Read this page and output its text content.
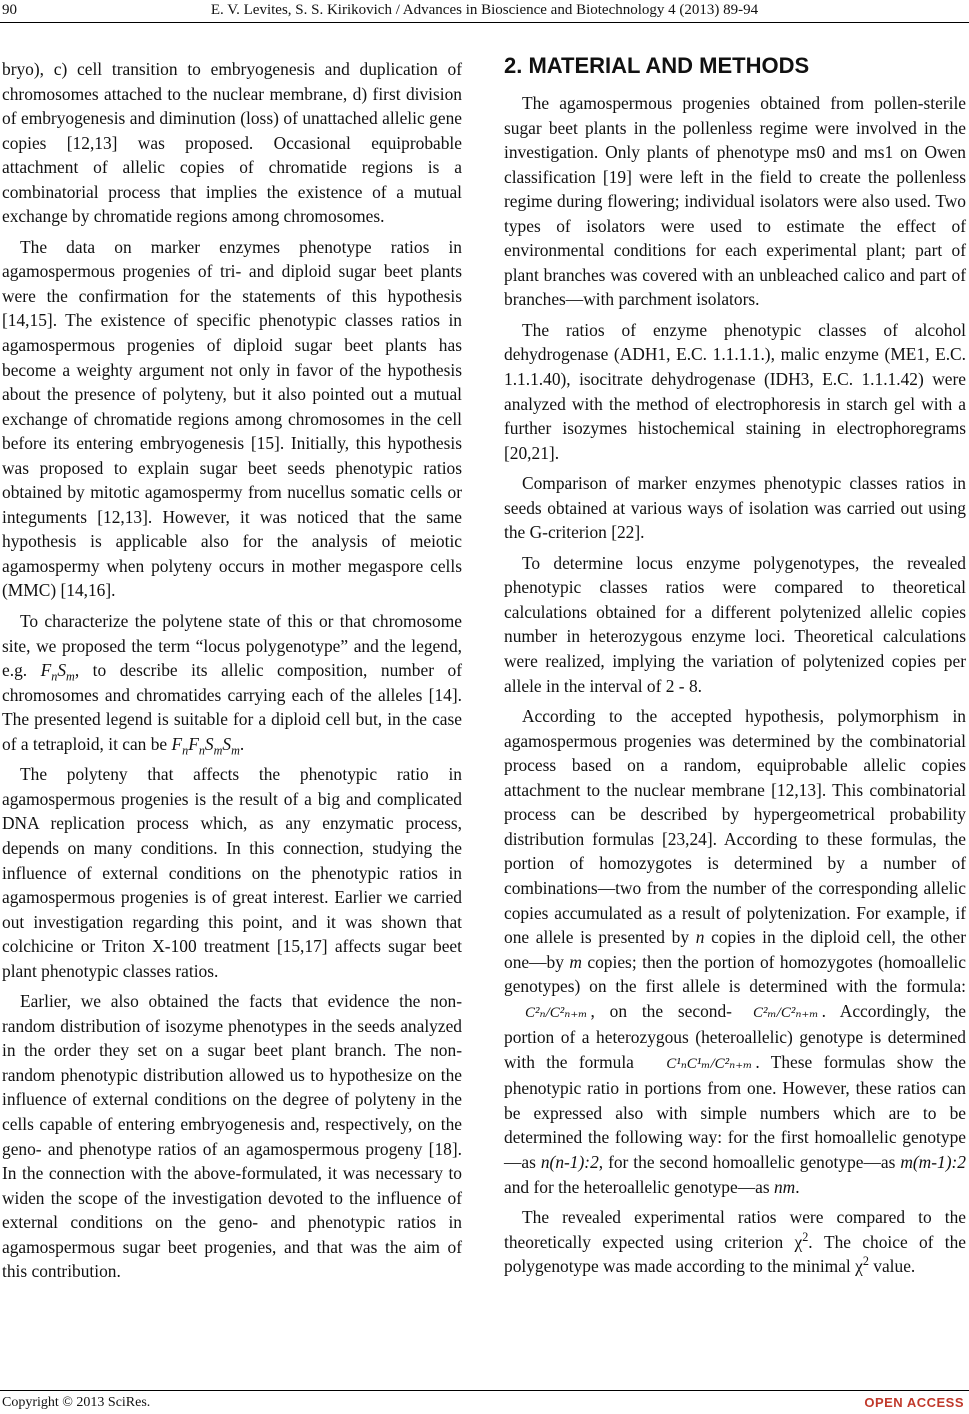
90	E. V. Levites, S. S. Kirikovich / Advances in Bioscience and Biotechnology 4 (2013) 89-94

bryo), c) cell transition to embryogenesis and duplication of chromosomes attached to the nuclear membrane, d) first division of embryogenesis and diminution (loss) of unattached allelic gene copies [12,13] was proposed. Occasional equiprobable attachment of allelic copies of chromatide regions is a combinatorial process that implies the existence of a mutual exchange by chromatide regions among chromosomes.

The data on marker enzymes phenotype ratios in agamospermous progenies of tri- and diploid sugar beet plants were the confirmation for the statements of this hypothesis [14,15]. The existence of specific phenotypic classes ratios in agamospermous progenies of diploid sugar beet plants has become a weighty argument not only in favor of the hypothesis about the presence of polyteny, but it also pointed out a mutual exchange of chromatide regions among chromosomes in the cell before its entering embryogenesis [15]. Initially, this hypothesis was proposed to explain sugar beet seeds phenotypic ratios obtained by mitotic agamospermy from nucellus somatic cells or integuments [12,13]. However, it was noticed that the same hypothesis is applicable also for the analysis of meiotic agamospermy when polyteny occurs in mother megaspore cells (MMC) [14,16].

To characterize the polytene state of this or that chromosome site, we proposed the term “locus polygenotype” and the legend, e.g. $F_nS_m$, to describe its allelic composition, number of chromosomes and chromatides carrying each of the alleles [14]. The presented legend is suitable for a diploid cell but, in the case of a tetraploid, it can be $F_nF_nS_mS_m$.

The polyteny that affects the phenotypic ratio in agamospermous progenies is the result of a big and complicated DNA replication process which, as any enzymatic process, depends on many conditions. In this connection, studying the influence of external conditions on the phenotypic ratios in agamospermous progenies is of great interest. Earlier we carried out investigation regarding this point, and it was shown that colchicine or Triton X-100 treatment [15,17] affects sugar beet plant phenotypic classes ratios.

Earlier, we also obtained the facts that evidence the non-random distribution of isozyme phenotypes in the seeds analyzed in the order they set on a sugar beet plant branch. The non-random phenotypic distribution allowed us to hypothesize on the influence of external conditions on the degree of polyteny in the cells capable of entering embryogenesis and, respectively, on the geno- and phenotype ratios of an agamospermous progeny [18]. In the connection with the above-formulated, it was necessary to widen the scope of the investigation devoted to the influence of external conditions on the geno- and phenotypic ratios in agamospermous sugar beet progenies, and that was the aim of this contribution.

2. MATERIAL AND METHODS

The agamospermous progenies obtained from pollen-sterile sugar beet plants in the pollenless regime were involved in the investigation. Only plants of phenotype ms0 and ms1 on Owen classification [19] were left in the field to create the pollenless regime during flowering; individual isolators were also used. Two types of isolators were used to estimate the effect of environmental conditions for each experimental plant; part of plant branches was covered with an unbleached calico and part of branches—with parchment isolators.

The ratios of enzyme phenotypic classes of alcohol dehydrogenase (ADH1, E.C. 1.1.1.1.), malic enzyme (ME1, E.C. 1.1.1.40), isocitrate dehydrogenase (IDH3, E.C. 1.1.1.42) were analyzed with the method of electrophoresis in starch gel with a further isozymes histochemical staining in electrophoregrams [20,21].

Comparison of marker enzymes phenotypic classes ratios in seeds obtained at various ways of isolation was carried out using the G-criterion [22].

To determine locus enzyme polygenotypes, the revealed phenotypic classes ratios were compared to theoretical calculations obtained for a different polytenized allelic copies number in heterozygous enzyme loci. Theoretical calculations were realized, implying the variation of polytenized copies per allele in the interval of 2 - 8.

According to the accepted hypothesis, polymorphism in agamospermous progenies was determined by the combinatorial process based on a random, equiprobable allelic copies attachment to the nuclear membrane [12,13]. This combinatorial process can be described by hypergeometrical probability distribution formulas [23,24]. According to these formulas, the portion of homozygotes is determined by a number of combinations—two from the number of the corresponding allelic copies accumulated as a result of polytenization. For example, if one allele is presented by n copies in the diploid cell, the other one—by m copies; then the portion of homozygotes (homoallelic genotypes) on the first allele is determined with the formula: C²ₙ/C²ₙ₊ₘ , on the second- C²ₘ/C²ₙ₊ₘ . Accordingly, the portion of a heterozygous (heteroallelic) genotype is determined with the formula C¹ₙC¹ₘ/C²ₙ₊ₘ . These formulas show the phenotypic ratio in portions from one. However, these ratios can be expressed also with simple numbers which are to be determined the following way: for the first homoallelic genotype—as n(n-1):2, for the second homoallelic genotype—as m(m-1):2 and for the heteroallelic genotype—as nm.

The revealed experimental ratios were compared to the theoretically expected using criterion $\chi^2$. The choice of the polygenotype was made according to the minimal $\chi^2$ value.

Copyright © 2013 SciRes.	OPEN ACCESS
